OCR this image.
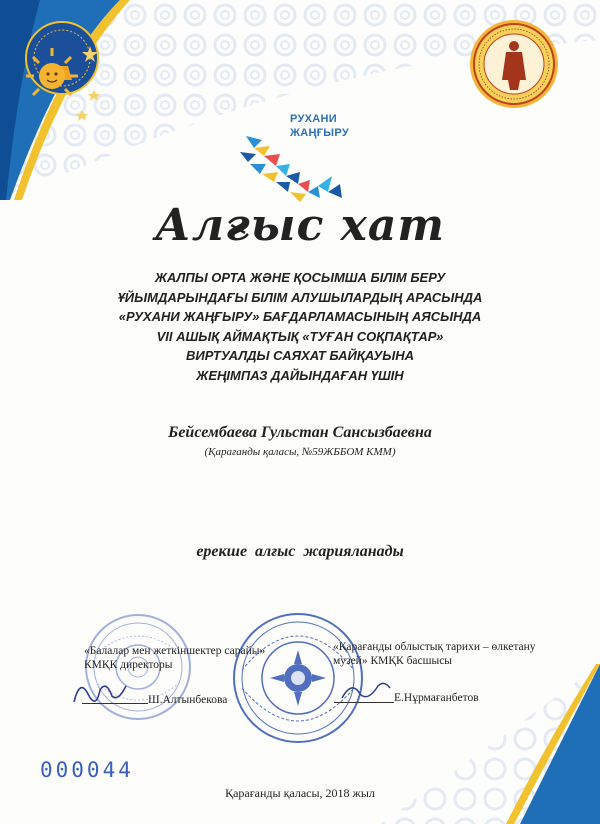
РУХАНИ
ЖАҢҒЫРУ
Алғыс хат
ЖАЛПЫ ОРТА ЖӘНЕ ҚОСЫМША БІЛІМ БЕРУ
ҰЙЫМДАРЫНДАҒЫ БІЛІМ АЛУШЫЛАРДЫҢ АРАСЫНДА
«РУХАНИ ЖАҢҒЫРУ» БАҒДАРЛАМАСЫНЫҢ АЯСЫНДА
VII АШЫҚ АЙМАҚТЫҚ «ТУҒАН СОҚПАҚТАР»
ВИРТУАЛДЫ САЯХАТ БАЙҚАУЫНА
ЖЕҢІМПАЗ ДАЙЫНДАҒАН ҮШІН
Бейсембаева Гульстан Сансызбаевна
(Қарағанды қаласы, №59ЖББОМ КММ)
ерекше алғыс жарияланады
«Балалар мен жеткіншектер сарайы»
КМҚК директоры
Ш.Алтынбекова
«Қарағанды облыстық тарихи – өлкетану
музей» КМҚК басшысы
Е.Нұрмағанбетов
000044
Қарағанды қаласы, 2018 жыл
